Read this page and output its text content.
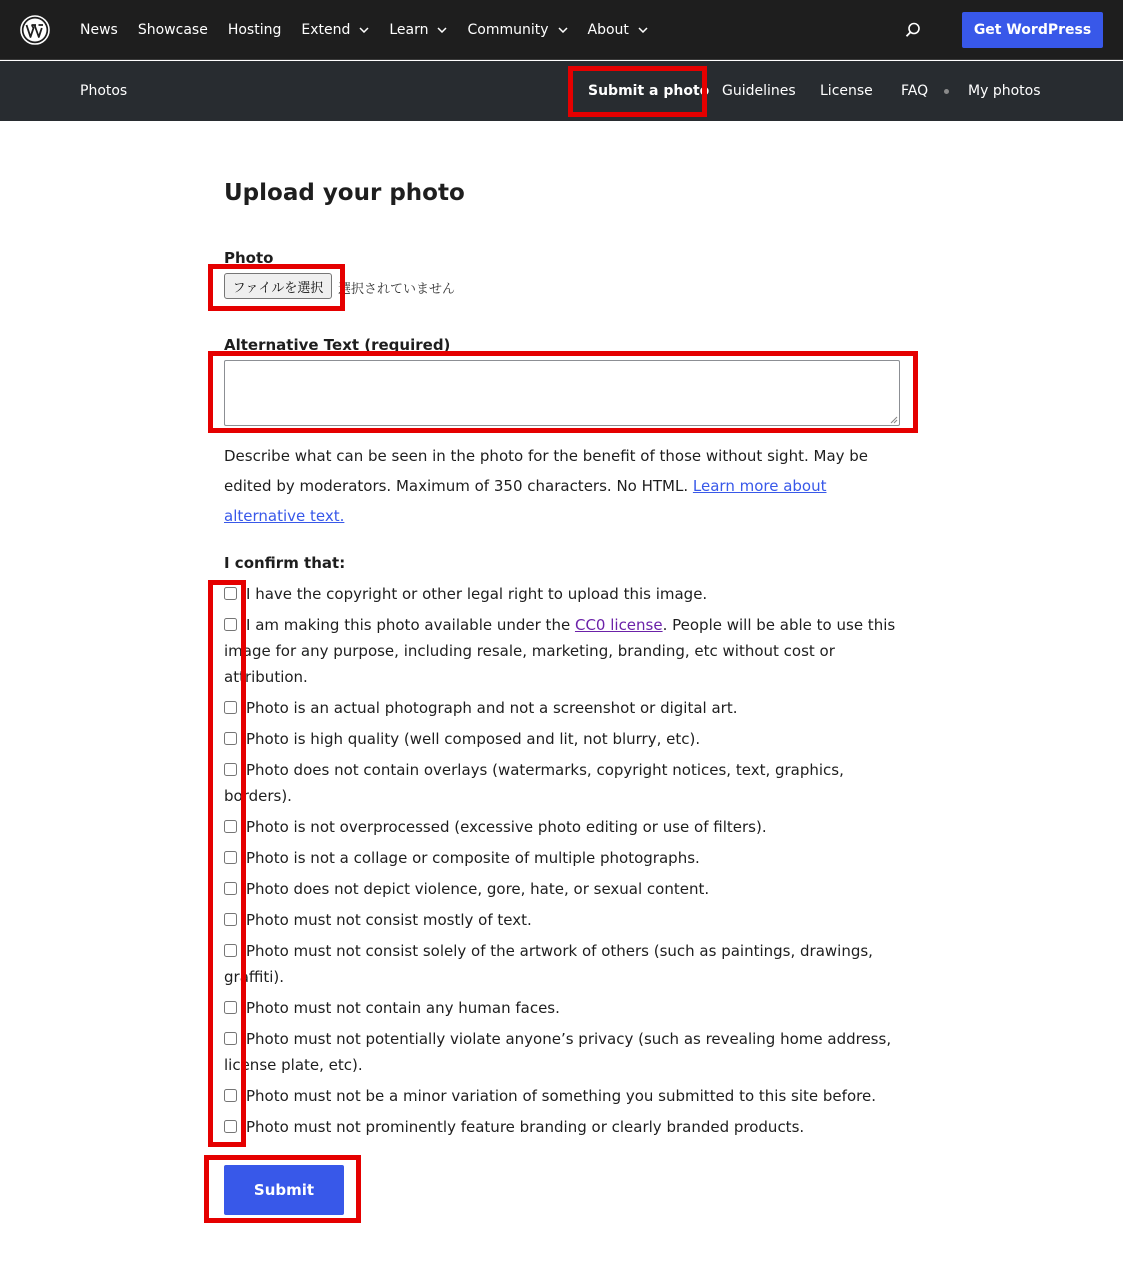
News Showcase Hosting Extend	Learn	Community	About	Get WordPress
Photos	Submit a photo Guidelines License FAQ	My photos
Upload your photo
Photo
ファイルを選択	選択されていません
Alternative Text (required)
Describe what can be seen in the photo for the benefit of those without sight. May be edited by moderators. Maximum of 350 characters. No HTML. Learn more about alternative text.
I confirm that:
I have the copyright or other legal right to upload this image.
I am making this photo available under the CC0 license. People will be able to use this image for any purpose, including resale, marketing, branding, etc without cost or attribution.
Photo is an actual photograph and not a screenshot or digital art.
Photo is high quality (well composed and lit, not blurry, etc).
Photo does not contain overlays (watermarks, copyright notices, text, graphics, borders).
Photo is not overprocessed (excessive photo editing or use of filters).
Photo is not a collage or composite of multiple photographs.
Photo does not depict violence, gore, hate, or sexual content.
Photo must not consist mostly of text.
Photo must not consist solely of the artwork of others (such as paintings, drawings, graffiti).
Photo must not contain any human faces.
Photo must not potentially violate anyone’s privacy (such as revealing home address, license plate, etc).
Photo must not be a minor variation of something you submitted to this site before.
Photo must not prominently feature branding or clearly branded products.
Submit
